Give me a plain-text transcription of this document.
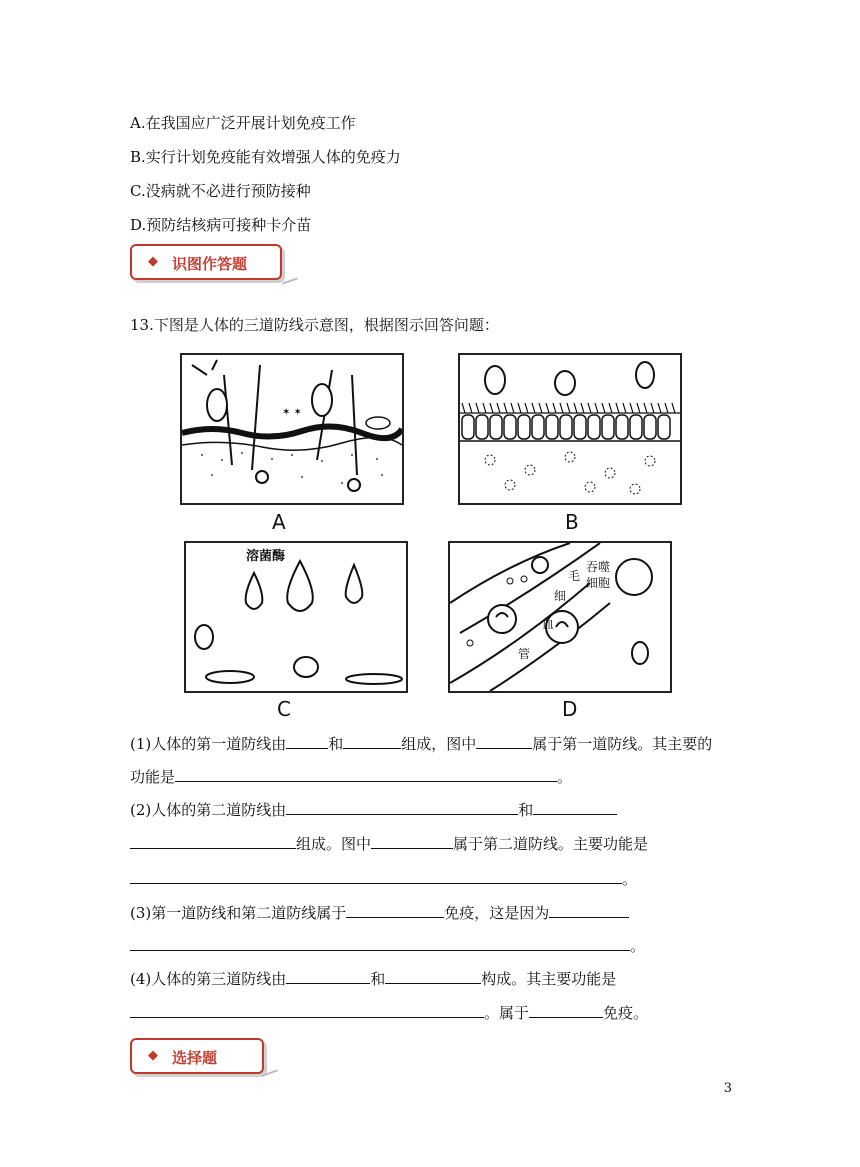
A.在我国应广泛开展计划免疫工作
B.实行计划免疫能有效增强人体的免疫力
C.没病就不必进行预防接种
D.预防结核病可接种卡介苗
◆ 识图作答题
13.下图是人体的三道防线示意图，根据图示回答问题：
✶ ✶
A	B
溶菌酶
C
毛
细
血
管
吞噬
细胞
D
(1)人体的第一道防线由	和	组成，图中	属于第一道防线。其主要的
功能是	。
(2)人体的第二道防线由	和
组成。图中	属于第二道防线。主要功能是
。
(3)第一道防线和第二道防线属于	免疫，这是因为
。
(4)人体的第三道防线由	和	构成。其主要功能是
。属于	免疫。
◆ 选择题
3
